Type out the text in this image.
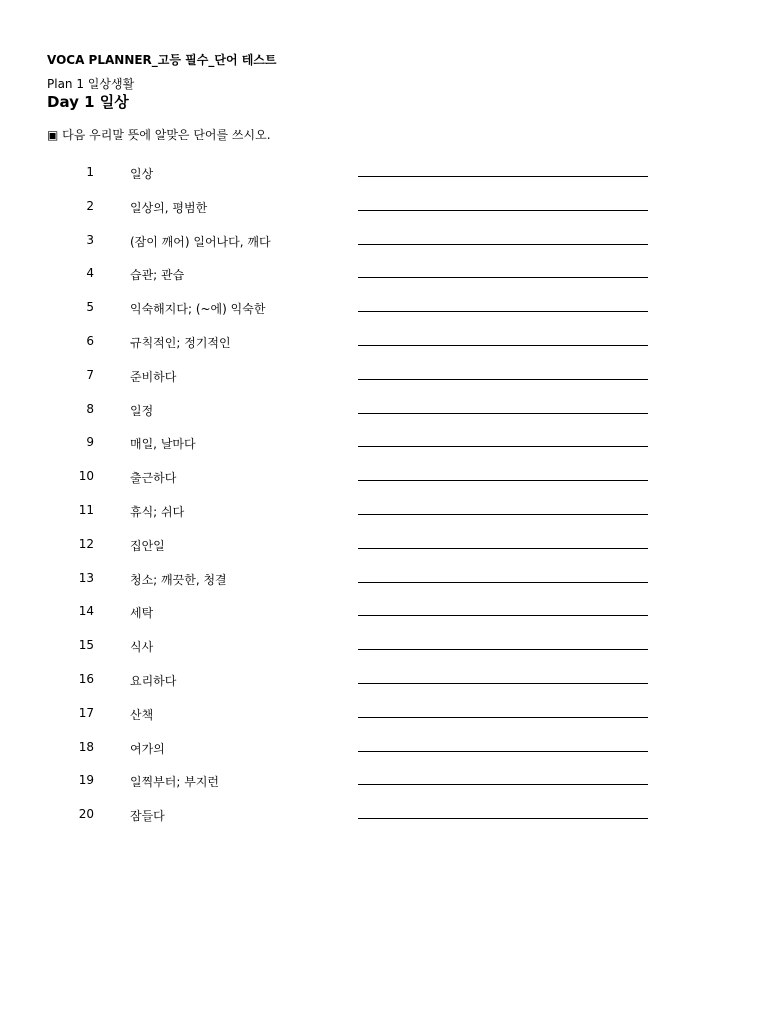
VOCA PLANNER_고등 필수_단어 테스트
Plan 1 일상생활
Day 1 일상
▣ 다음 우리말 뜻에 알맞은 단어를 쓰시오.
1	일상
2	일상의, 평범한
3	(잠이 깨어) 일어나다, 깨다
4	습관; 관습
5	익숙해지다; (~에) 익숙한
6	규칙적인; 정기적인
7	준비하다
8	일정
9	매일, 날마다
10	출근하다
11	휴식; 쉬다
12	집안일
13	청소; 깨끗한, 청결
14	세탁
15	식사
16	요리하다
17	산책
18	여가의
19	일찍부터; 부지런
20	잠들다
